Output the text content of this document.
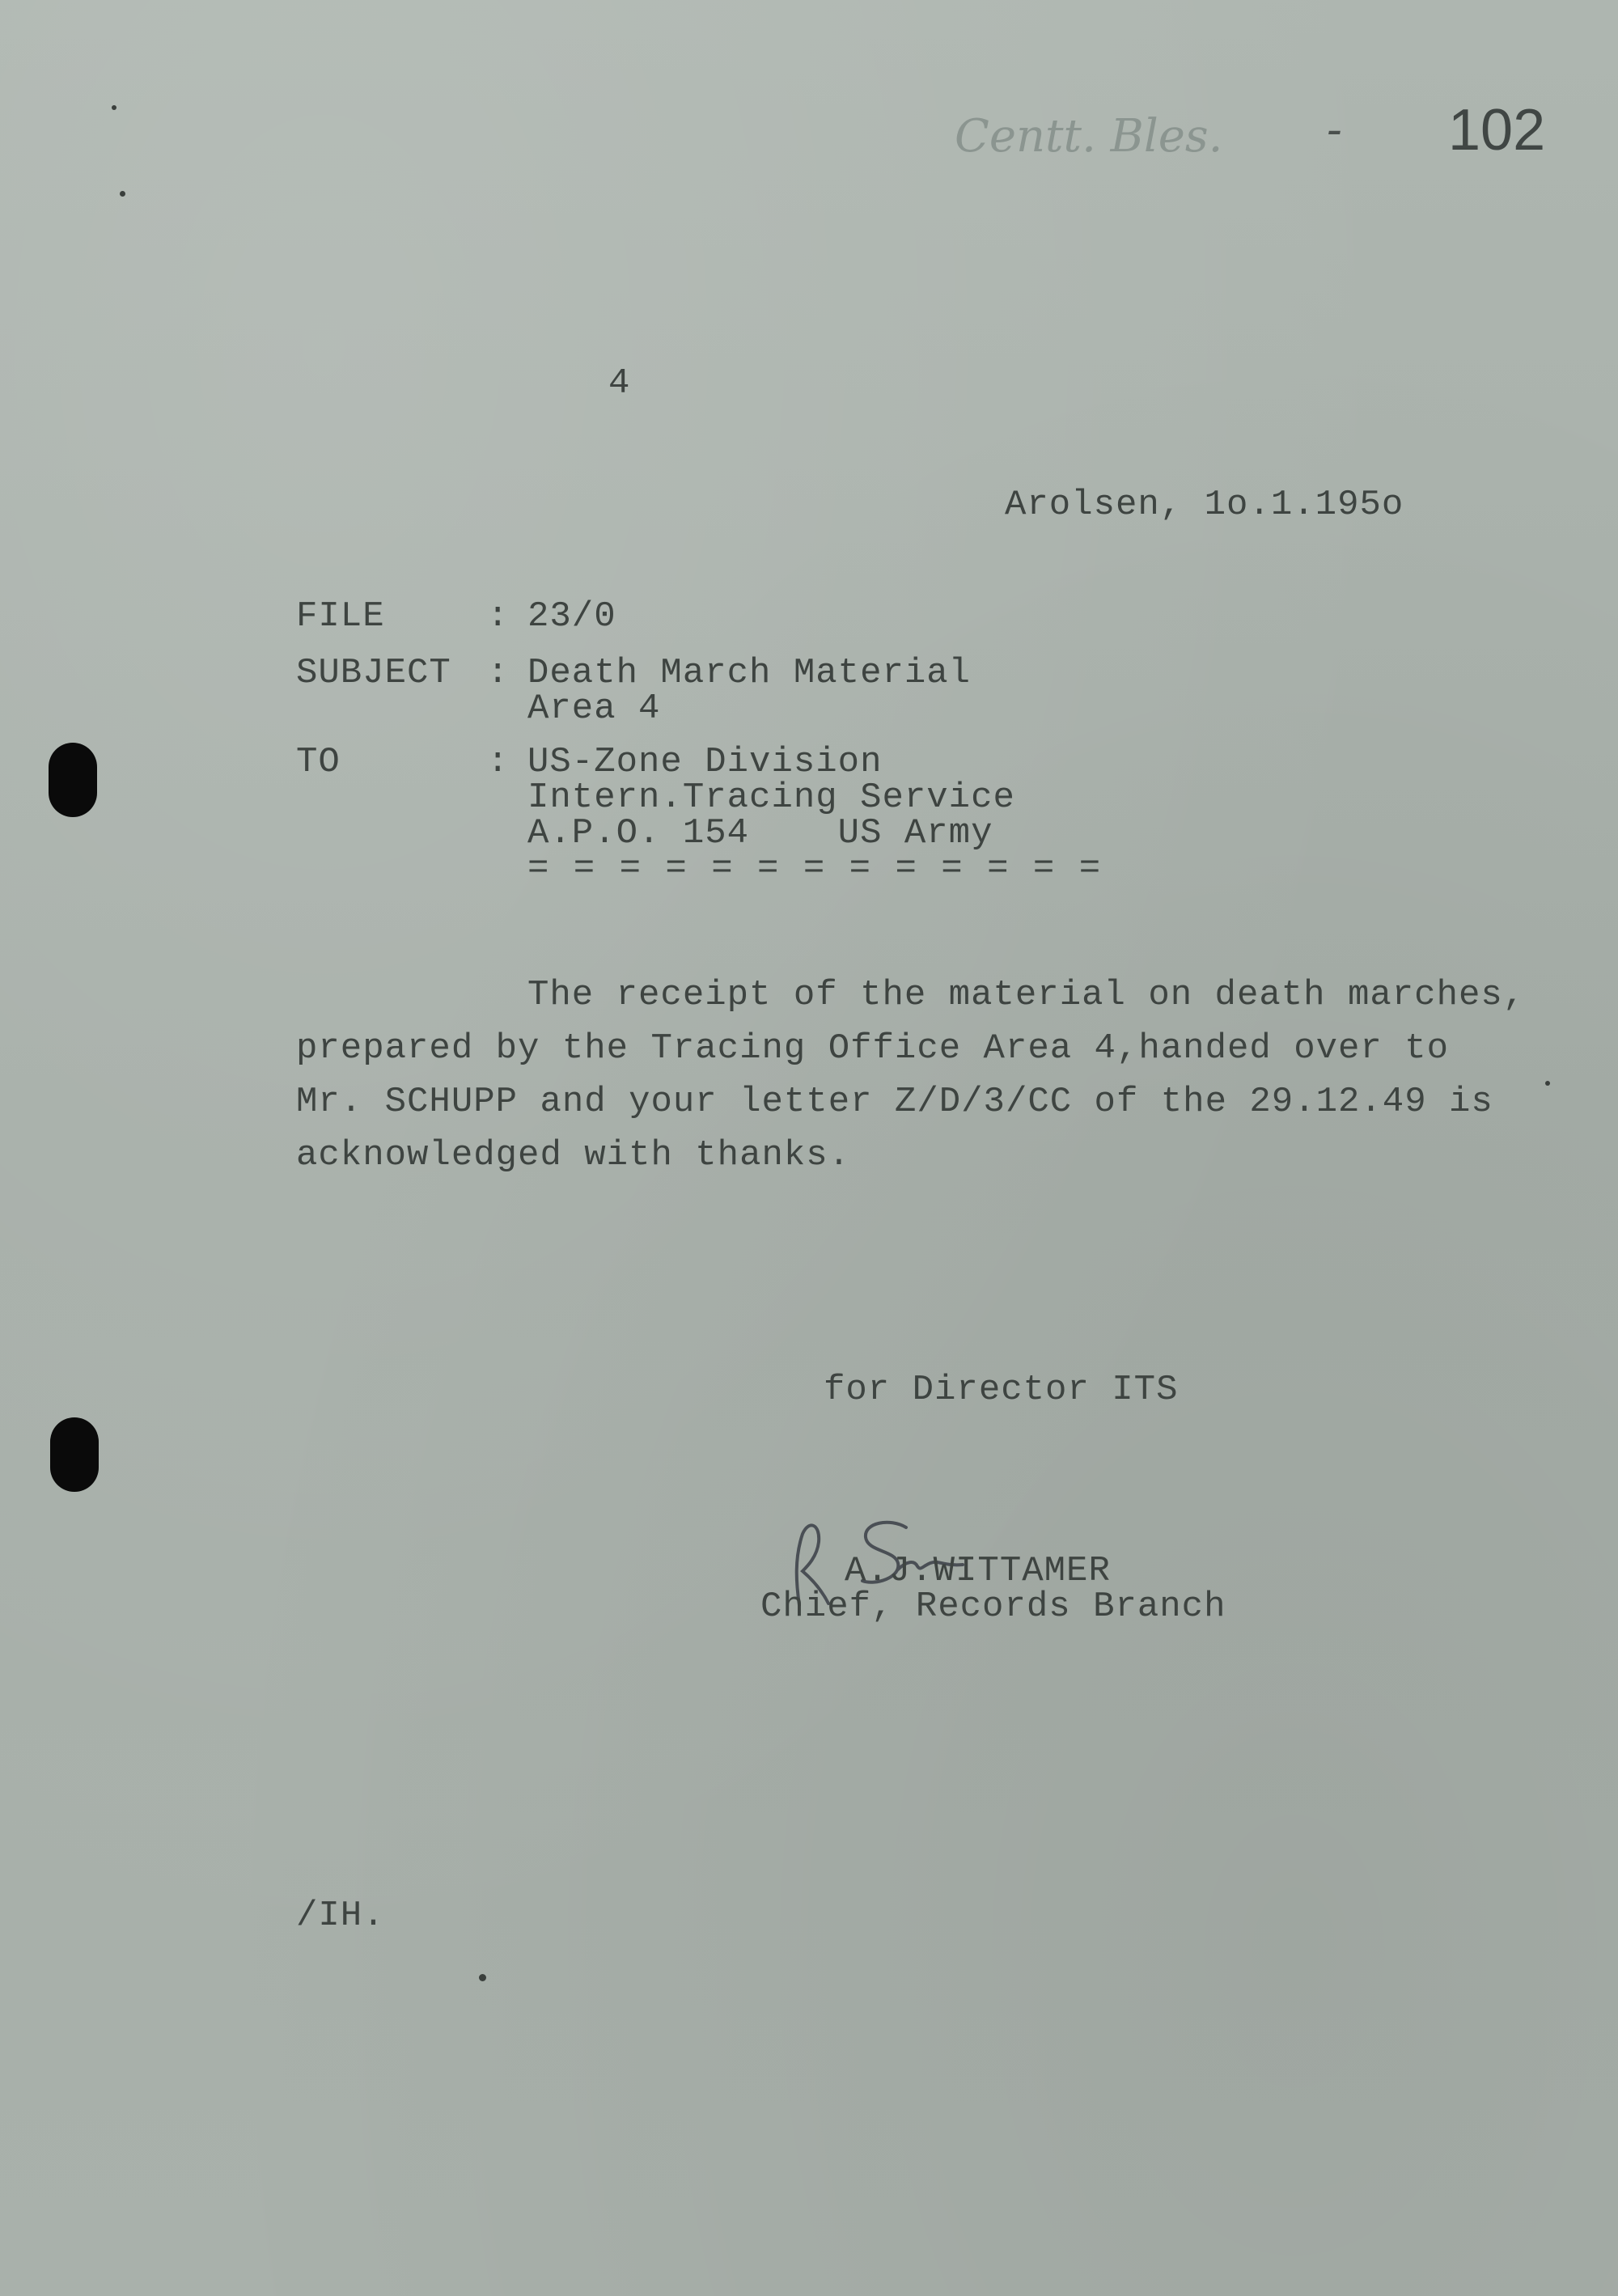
Centt. Bles. - 102
4
Arolsen, 1o.1.195o

FILE

	:

23/0

SUBJECT

:

Death March Material

Area 4

TO

	:

US-Zone Division

Intern.Tracing Service

A.P.O. 154    US Army

= = = = = = = = = = = = =
The receipt of the material on death marches,
prepared by the Tracing Office Area 4,handed over to
Mr. SCHUPP and your letter Z/D/3/CC of the 29.12.49 is
acknowledged with thanks.
for Director ITS

A.J.WITTAMER
Chief, Records Branch
/IH.
